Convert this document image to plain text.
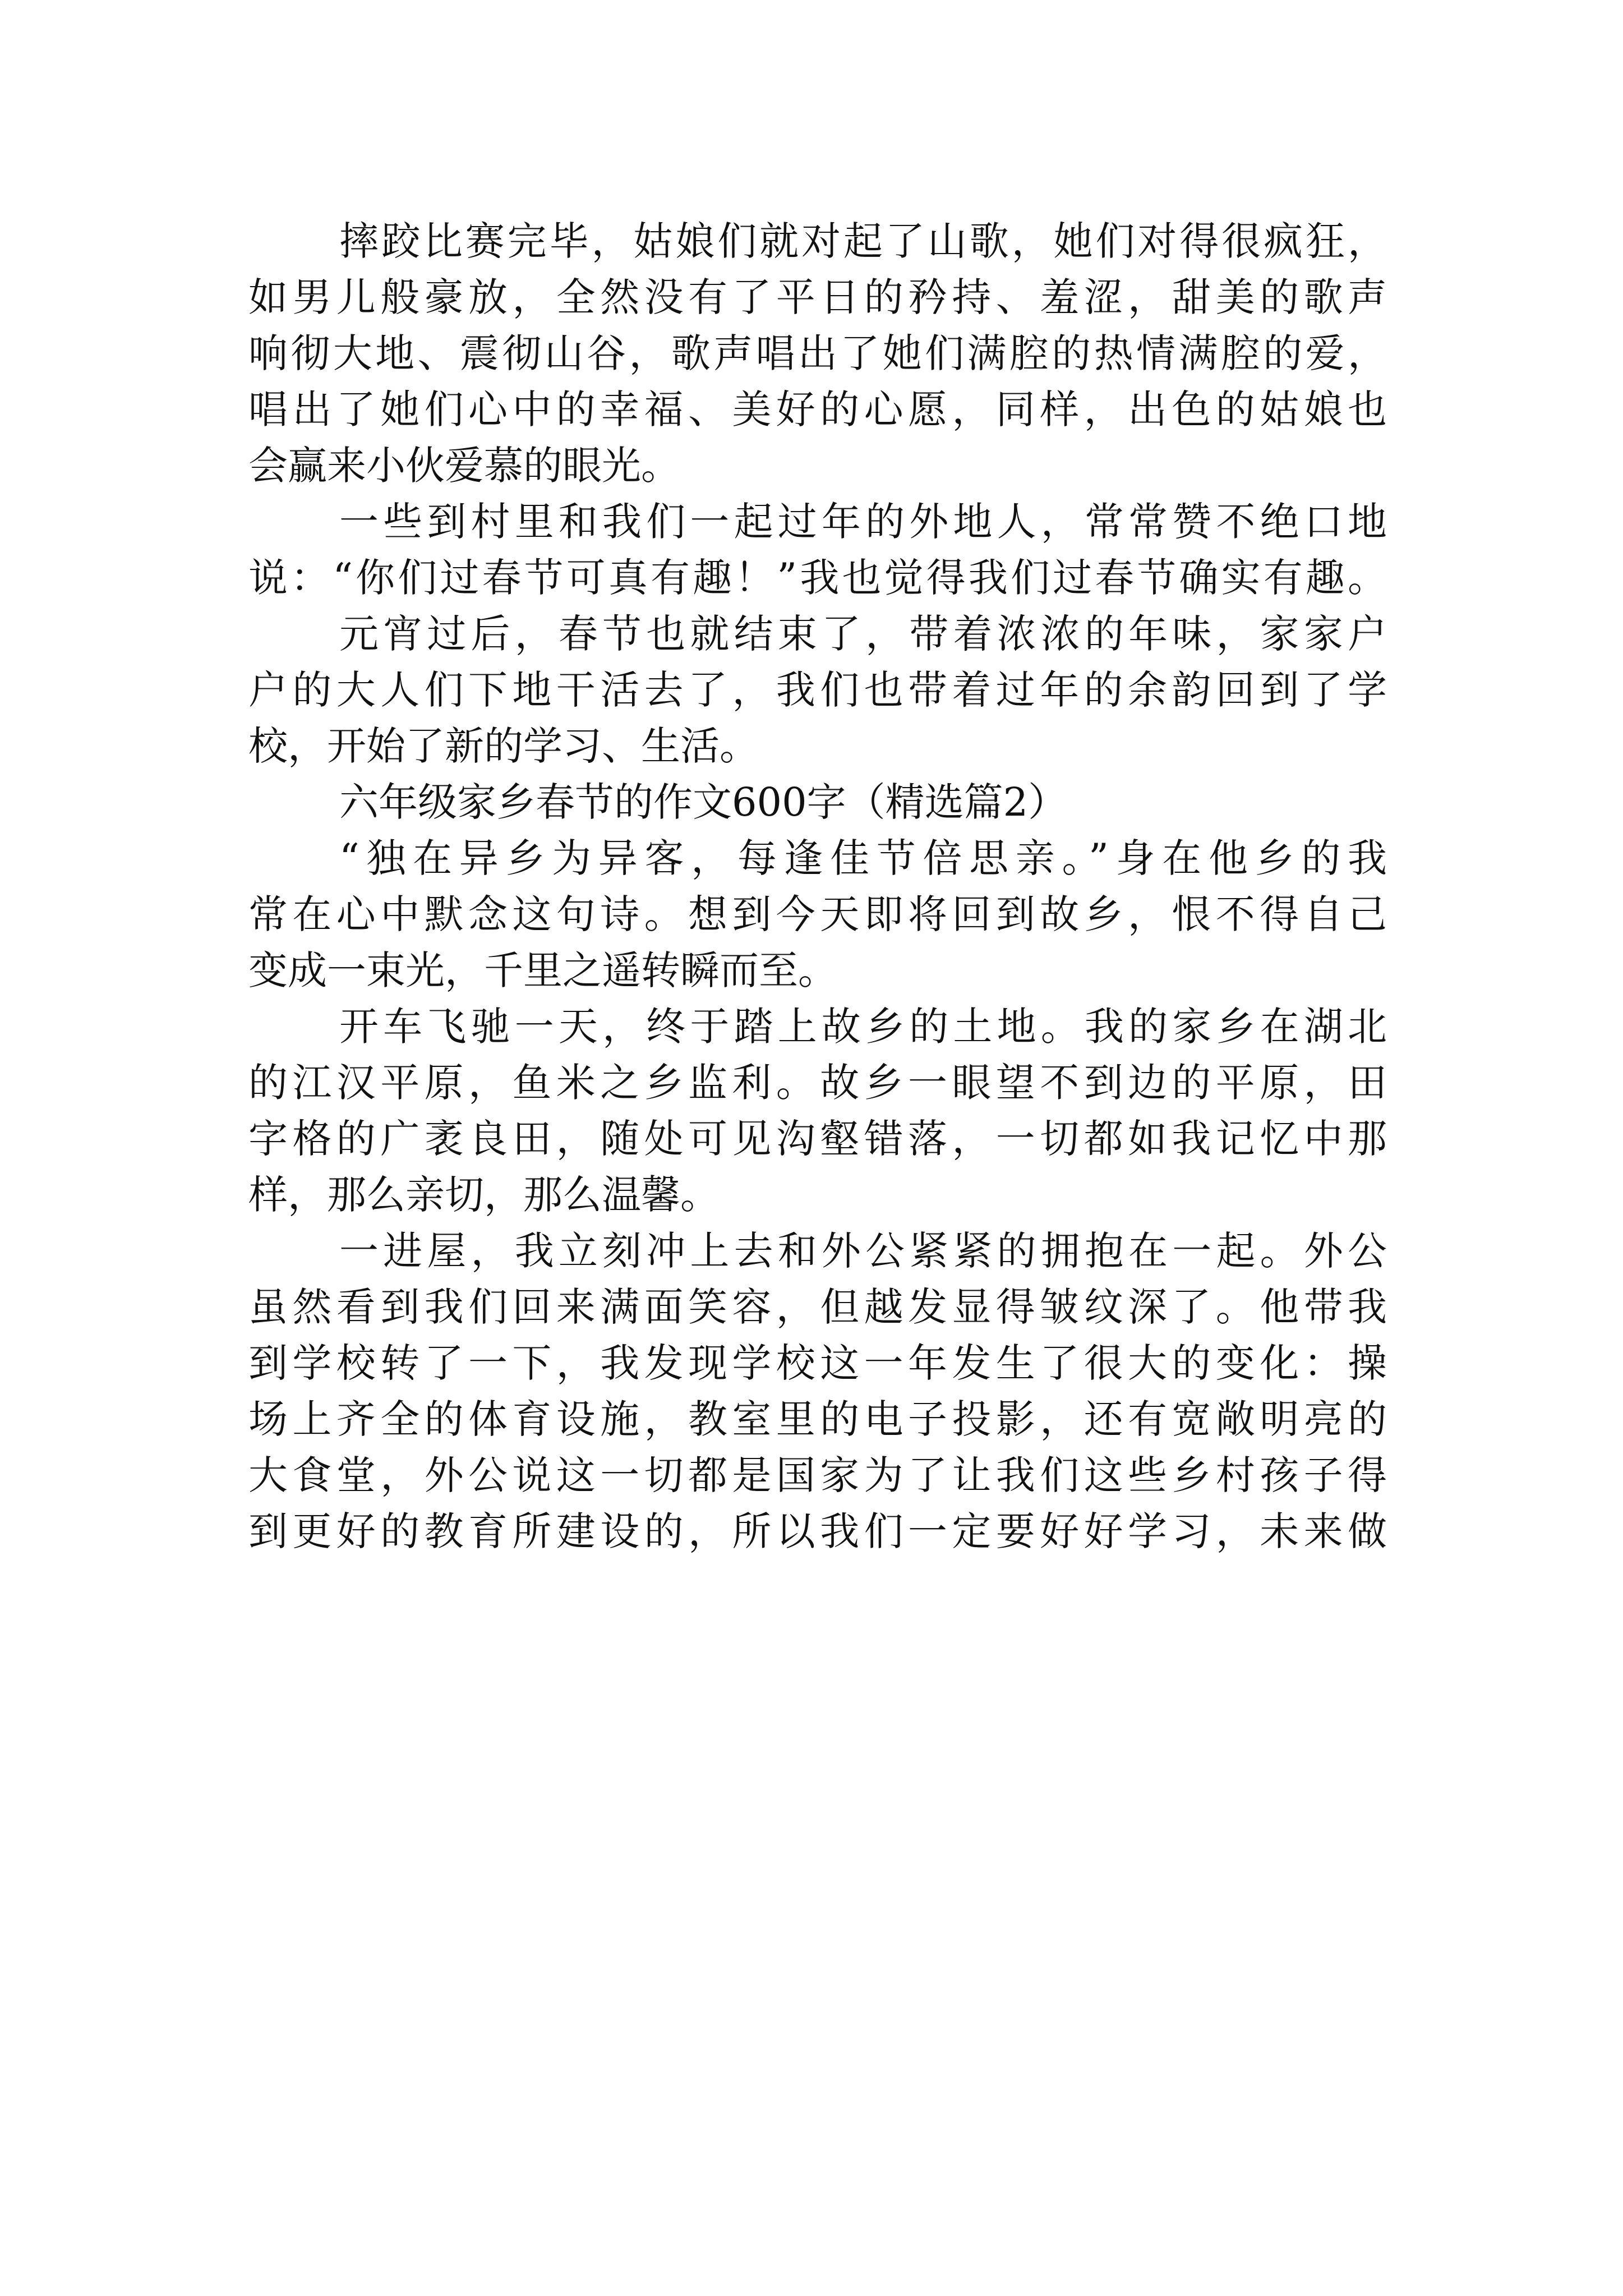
摔跤比赛完毕，姑娘们就对起了山歌，她们对得很疯狂，

如男儿般豪放，全然没有了平日的矜持、羞涩，甜美的歌声

响彻大地、震彻山谷，歌声唱出了她们满腔的热情满腔的爱，

唱出了她们心中的幸福、美好的心愿，同样，出色的姑娘也

会赢来小伙爱慕的眼光。

一些到村里和我们一起过年的外地人，常常赞不绝口地

说：“你们过春节可真有趣！”我也觉得我们过春节确实有趣。

元宵过后，春节也就结束了，带着浓浓的年味，家家户

户的大人们下地干活去了，我们也带着过年的余韵回到了学

校，开始了新的学习、生活。

六年级家乡春节的作文600字（精选篇2）

“独在异乡为异客，每逢佳节倍思亲。”身在他乡的我

常在心中默念这句诗。想到今天即将回到故乡，恨不得自己

变成一束光，千里之遥转瞬而至。

开车飞驰一天，终于踏上故乡的土地。我的家乡在湖北

的江汉平原，鱼米之乡监利。故乡一眼望不到边的平原，田

字格的广袤良田，随处可见沟壑错落，一切都如我记忆中那

样，那么亲切，那么温馨。

一进屋，我立刻冲上去和外公紧紧的拥抱在一起。外公

虽然看到我们回来满面笑容，但越发显得皱纹深了。他带我

到学校转了一下，我发现学校这一年发生了很大的变化：操

场上齐全的体育设施，教室里的电子投影，还有宽敞明亮的

大食堂，外公说这一切都是国家为了让我们这些乡村孩子得

到更好的教育所建设的，所以我们一定要好好学习，未来做
